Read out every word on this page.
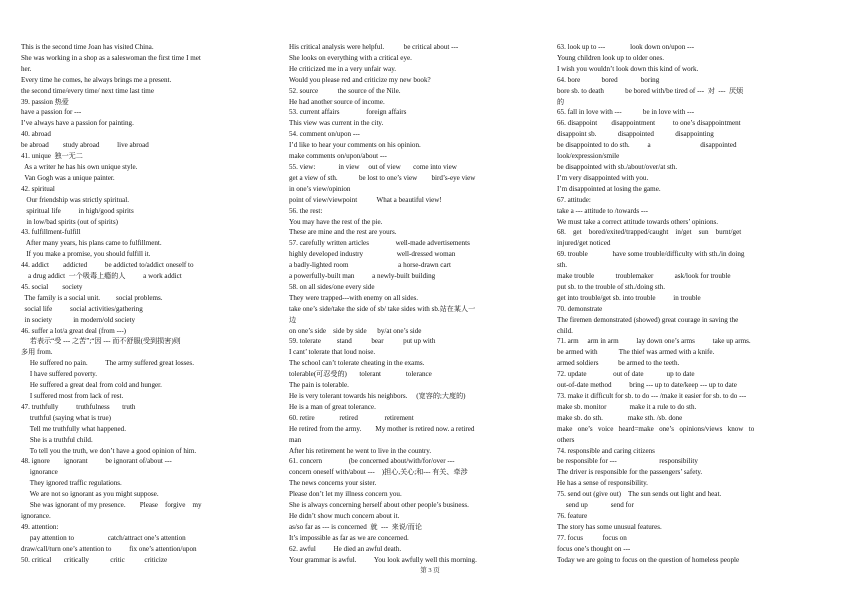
This is the second time Joan has visited China.
She was working in a shop as a saleswoman the first time I met
her.
Every time he comes, he always brings me a present.
the second time/every time/ next time last time
39. passion 热爱
have a passion for ---
I’ve always have a passion for painting.
40. abroad
be abroad        study abroad          live abroad
41. unique  独一无二
As a writer he has his own unique style.
Van Gogh was a unique painter.
42. spiritual
Our friendship was strictly spiritual.
spiritual life          in high/good spirits
in low/bad spirits (out of spirits)
43. fulfillment-fulfill
After many years, his plans came to fulfillment.
If you make a promise, you should fulfill it.
44. addict        addicted          be addicted to/addict oneself to
a drug addict  一个吸毒上瘾的人          a work addict
45. social        society
The family is a social unit.         social problems.
social life          social activities/gathering
in society            in modern/old society
46. suffer a lot/a great deal (from ---)
若表示“受 --- 之苦”;“因 --- 而不舒服(受到损害)则
多用 from.
He suffered no pain.          The army suffered great losses.
I have suffered poverty.
He suffered a great deal from cold and hunger.
I suffered most from lack of rest.
47. truthfully          truthfulness       truth
truthful (saying what is true)
Tell me truthfully what happened.
She is a truthful child.
To tell you the truth, we don’t have a good opinion of him.
48. ignore        ignorant          be ignorant of/about ---
ignorance
They ignored traffic regulations.
We are not so ignorant as you might suppose.
She was ignorant of my presence.        Please    forgive    my
ignorance.
49. attention:
pay attention to                   catch/attract one’s attention
draw/call/turn one’s attention to          fix one’s attention/upon
50. critical       critically            critic           criticize
His critical analysis were helpful.           be critical about ---
She looks on everything with a critical eye.
He criticized me in a very unfair way.
Would you please red and criticize my new book?
52. source           the source of the Nile.
He had another source of income.
53. current affairs               foreign affairs
This view was current in the city.
54. comment on/upon ---
I’d like to hear your comments on his opinion.
make comments on/upon/about ---
55. view:             in view     out of view       come into view
get a view of sth.            be lost to one’s view        bird’s-eye view
in one’s view/opinion
point of view/viewpoint           What a beautiful view!
56. the rest:
You may have the rest of the pie.
These are mine and the rest are yours.
57. carefully written articles               well-made advertisements
highly developed industry                   well-dressed woman
a badly-lighted room                            a horse-drawn cart
a powerfully-built man          a newly-built building
58. on all sides/one every side
They were trapped---with enemy on all sides.
take one’s side/take the side of sb/ take sides with sb.站在某人一
边
on one’s side    side by side      by/at one’s side
59. tolerate         stand           bear           put up with
I cant’ tolerate that loud noise.
The school can’t tolerate cheating in the exams.
tolerable(可忍受的)       tolerant              tolerance
The pain is tolerable.
He is very tolerant towards his neighbors.     (宽容的;大度的)
He is a man of great tolerance.
60. retire              retired               retirement
He retired from the army.        My mother is retired now. a retired
man
After his retirement he went to live in the country.
61. concern               (be concerned about/with/for/over ---
concern oneself with/about ---    )担心,关心;和--- 有关、牵涉
The news concerns your sister.
Please don’t let my illness concern you.
She is always concerning herself about other people’s business.
He didn’t show much concern about it.
as/so far as --- is concerned  就  ---  来说/而论
It’s impossible as far as we are concerned.
62. awful          He died an awful death.
Your grammar is awful.          You look awfully well this morning.
63. look up to ---              look down on/upon ---
Young children look up to older ones.
I wish you wouldn’t look down this kind of work.
64. bore            bored             boring
bore sb. to death            be bored with/be tired of ---  对  ---  厌烦
的
65. fall in love with ---            be in love with ---
66. disappoint        disappointment          to one’s disappointment
disappoint sb.            disappointed            disappointing
be disappointed to do sth.          a                            disappointed
look/expression/smile
be disappointed with sb./about/over/at sth.
I’m very disappointed with you.
I’m disappointed at losing the game.
67. attitude:
take a --- attitude to /towards ---
We must take a correct attitude towards others’ opinions.
68.    get    bored/exited/trapped/caught    in/get    sun    burnt/get
injured/get noticed
69. trouble              have some trouble/difficulty with sth./in doing
sth.
make trouble            troublemaker            ask/look for trouble
put sb. to the trouble of sth./doing sth.
get into trouble/get sb. into trouble          in trouble
70. demonstrate
The firemen demonstrated (showed) great courage in saving the
child.
71. arm     arm in arm          lay down one’s arms          take up arms.
be armed with            The thief was armed with a knife.
armed soldiers           be armed to the teeth.
72. update               out of date             up to date
out-of-date method          bring --- up to date/keep --- up to date
73. make it difficult for sb. to do --- /make it easier for sb. to do ---
make sb. monitor             make it a rule to do sth.
make sb. do sth.              make sth. /sb. done
make   one’s   voice   heard=make   one’s   opinions/views   know   to
others
74. responsible and caring citizens
be responsible for ---                        responsibility
The driver is responsible for the passengers’ safety.
He has a sense of responsibility.
75. send out (give out)    The sun sends out light and heat.
send up             send for
76. feature
The story has some unusual features.
77. focus           focus on
focus one’s thought on ---
Today we are going to focus on the question of homeless people
第 3 页
